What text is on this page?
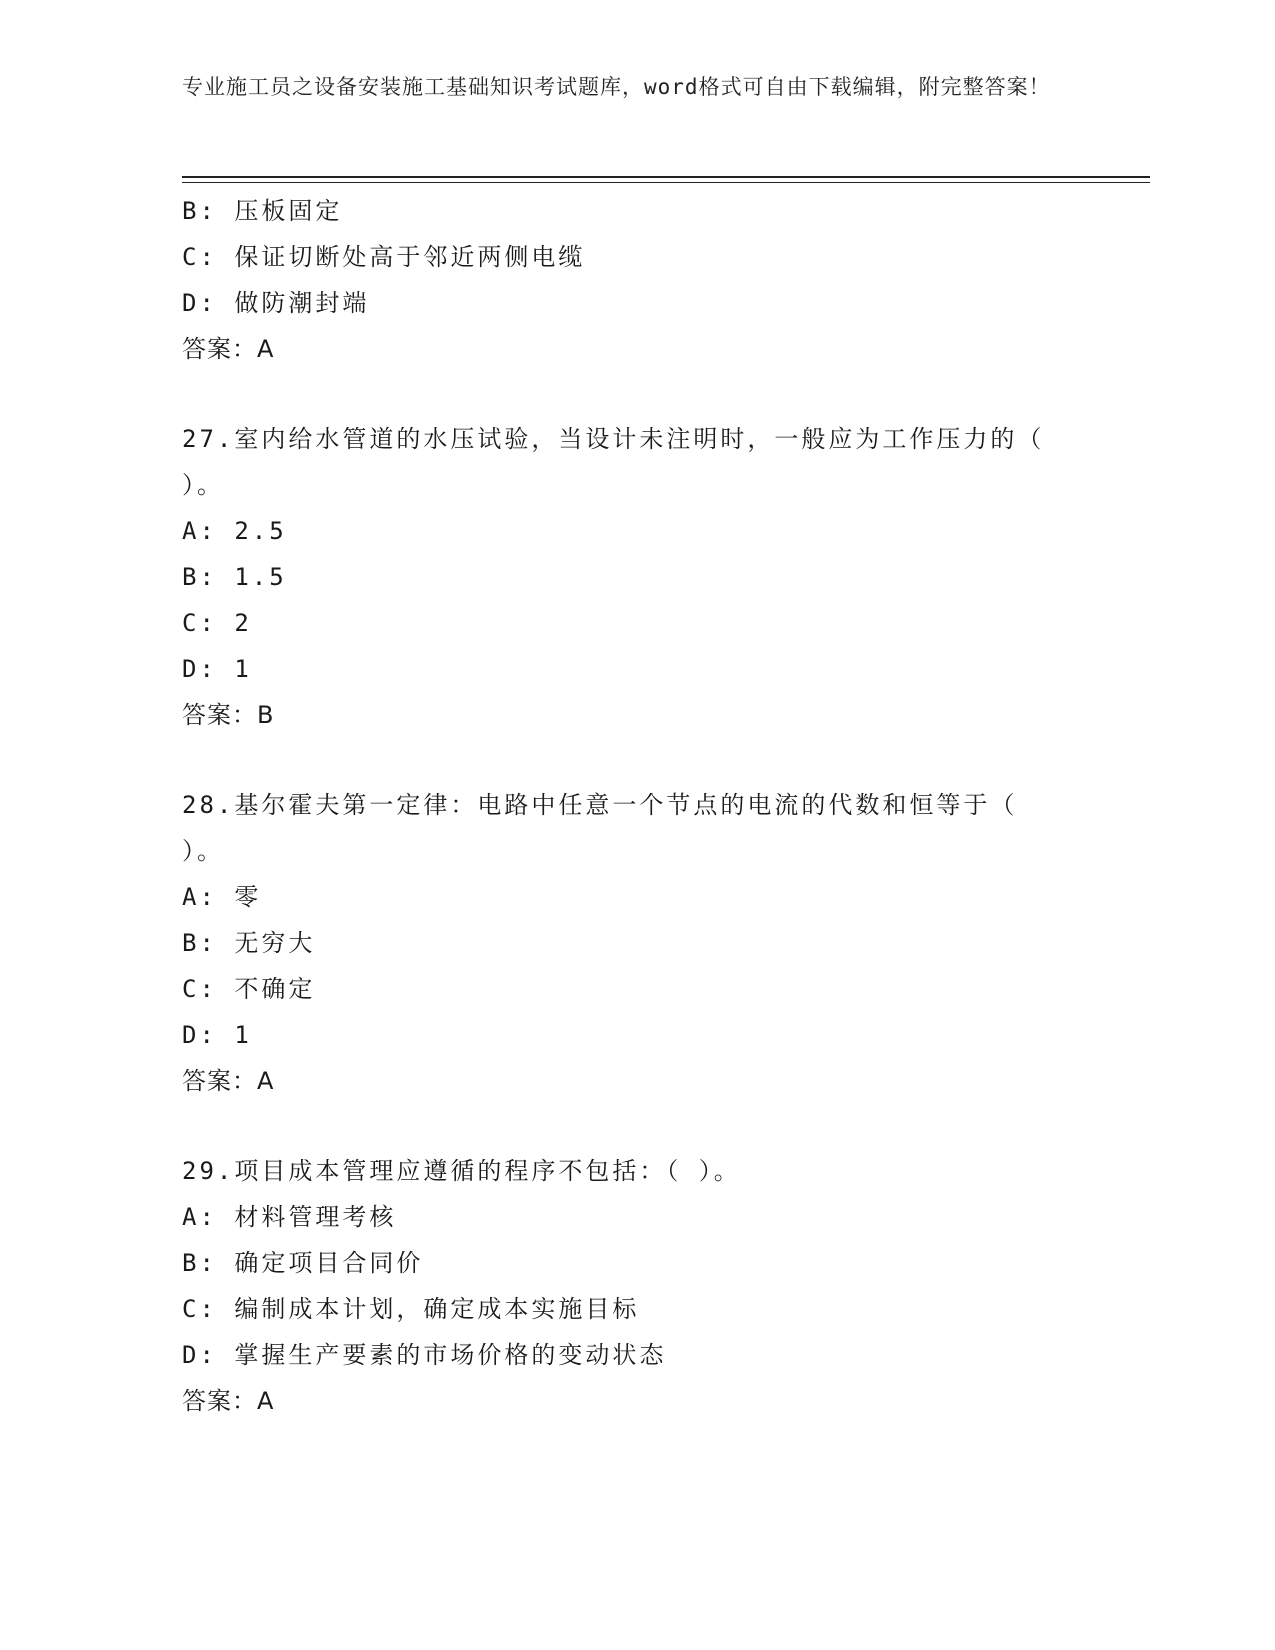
专业施工员之设备安装施工基础知识考试题库，word格式可自由下载编辑，附完整答案！
B: 压板固定
C: 保证切断处高于邻近两侧电缆
D: 做防潮封端
答案：A
27.室内给水管道的水压试验，当设计未注明时，一般应为工作压力的（ ）。
A: 2.5
B: 1.5
C: 2
D: 1
答案：B
28.基尔霍夫第一定律：电路中任意一个节点的电流的代数和恒等于（ ）。
A: 零
B: 无穷大
C: 不确定
D: 1
答案：A
29.项目成本管理应遵循的程序不包括：（ ）。
A: 材料管理考核
B: 确定项目合同价
C: 编制成本计划，确定成本实施目标
D: 掌握生产要素的市场价格的变动状态
答案：A
